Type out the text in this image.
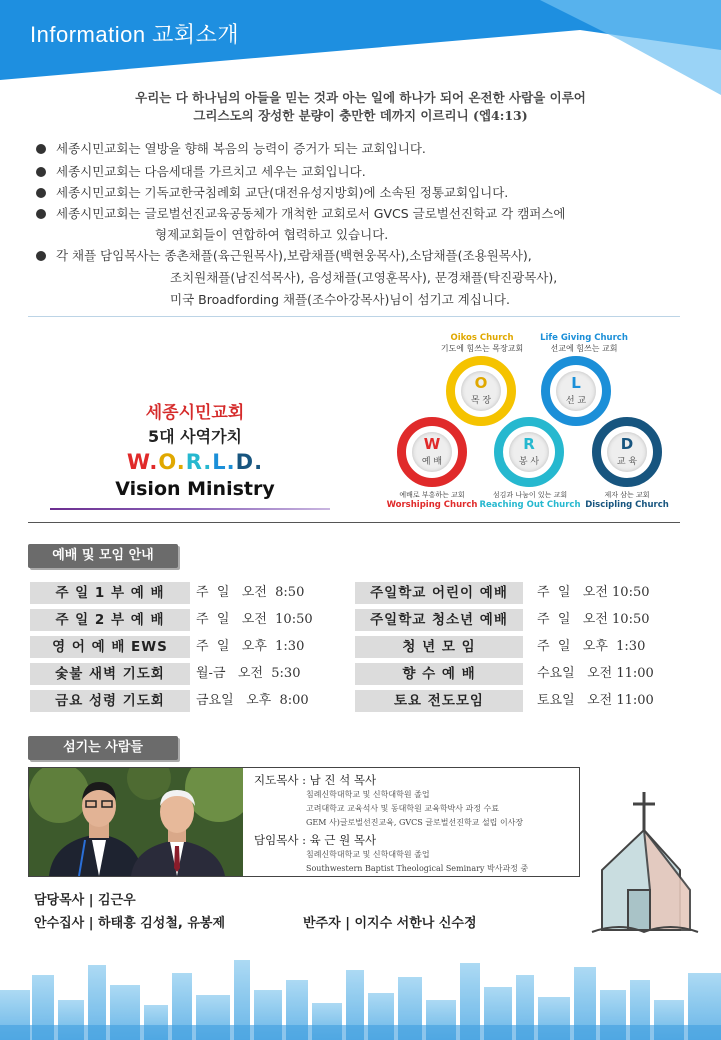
Information 교회소개
우리는 다 하나님의 아들을 믿는 것과 아는 일에 하나가 되어 온전한 사람을 이루어
그리스도의 장성한 분량이 충만한 데까지 이르리니 (엡4:13)
세종시민교회는 열방을 향해 복음의 능력이 증거가 되는 교회입니다.
세종시민교회는 다음세대를 가르치고 세우는 교회입니다.
세종시민교회는 기독교한국침례회 교단(대전유성지방회)에 소속된 정통교회입니다.
세종시민교회는 글로벌선진교육공동체가 개척한 교회로서 GVCS 글로벌선진학교 각 캠퍼스에
형제교회들이 연합하여 협력하고 있습니다.
각 채플 담임목사는 종촌채플(육근원목사),보람채플(백현웅목사),소담채플(조용원목사),
조치원채플(남진석목사), 음성채플(고영훈목사), 문경채플(탁진광목사),
미국 Broadfording 채플(조수아강목사)님이 섬기고 계십니다.
세종시민교회
5대 사역가치
W.O.R.L.D.
Vision Ministry
Oikos Church
기도에 힘쓰는 목장교회
Life Giving Church
선교에 힘쓰는 교회
O
목 장
L
선 교
W
예 배
R
봉 사
D
교 육
예배로 부흥하는 교회
Worshiping Church
섬김과 나눔이 있는 교회
Reaching Out Church
제자 삼는 교회
Discipling Church
예배 및 모임 안내
주 일 1 부 예 배	주  일   오전  8:50
주 일 2 부 예 배	주  일   오전  10:50
영 어 예 배 EWS	주  일   오후  1:30
숯불 새벽 기도회	월-금   오전  5:30
금요 성령 기도회	금요일   오후  8:00
주일학교 어린이 예배	주  일   오전 10:50
주일학교 청소년 예배	주  일   오전 10:50
청 년 모 임	주  일   오후  1:30
향 수 예 배	수요일   오전 11:00
토요 전도모임	토요일   오전 11:00
섬기는 사람들
지도목사 : 남 진 석 목사
침례신학대학교 및 신학대학원 졸업
고려대학교 교육석사 및 동대학원 교육학박사 과정 수료
GEM 사)글로벌선진교육, GVCS 글로벌선진학교 설립 이사장
담임목사 : 육 근 원 목사
침례신학대학교 및 신학대학원 졸업
Southwestern Baptist Theological Seminary 박사과정 중
담당목사 | 김근우
안수집사 | 하태흥 김성철, 유봉제	반주자 | 이지수 서한나 신수정
